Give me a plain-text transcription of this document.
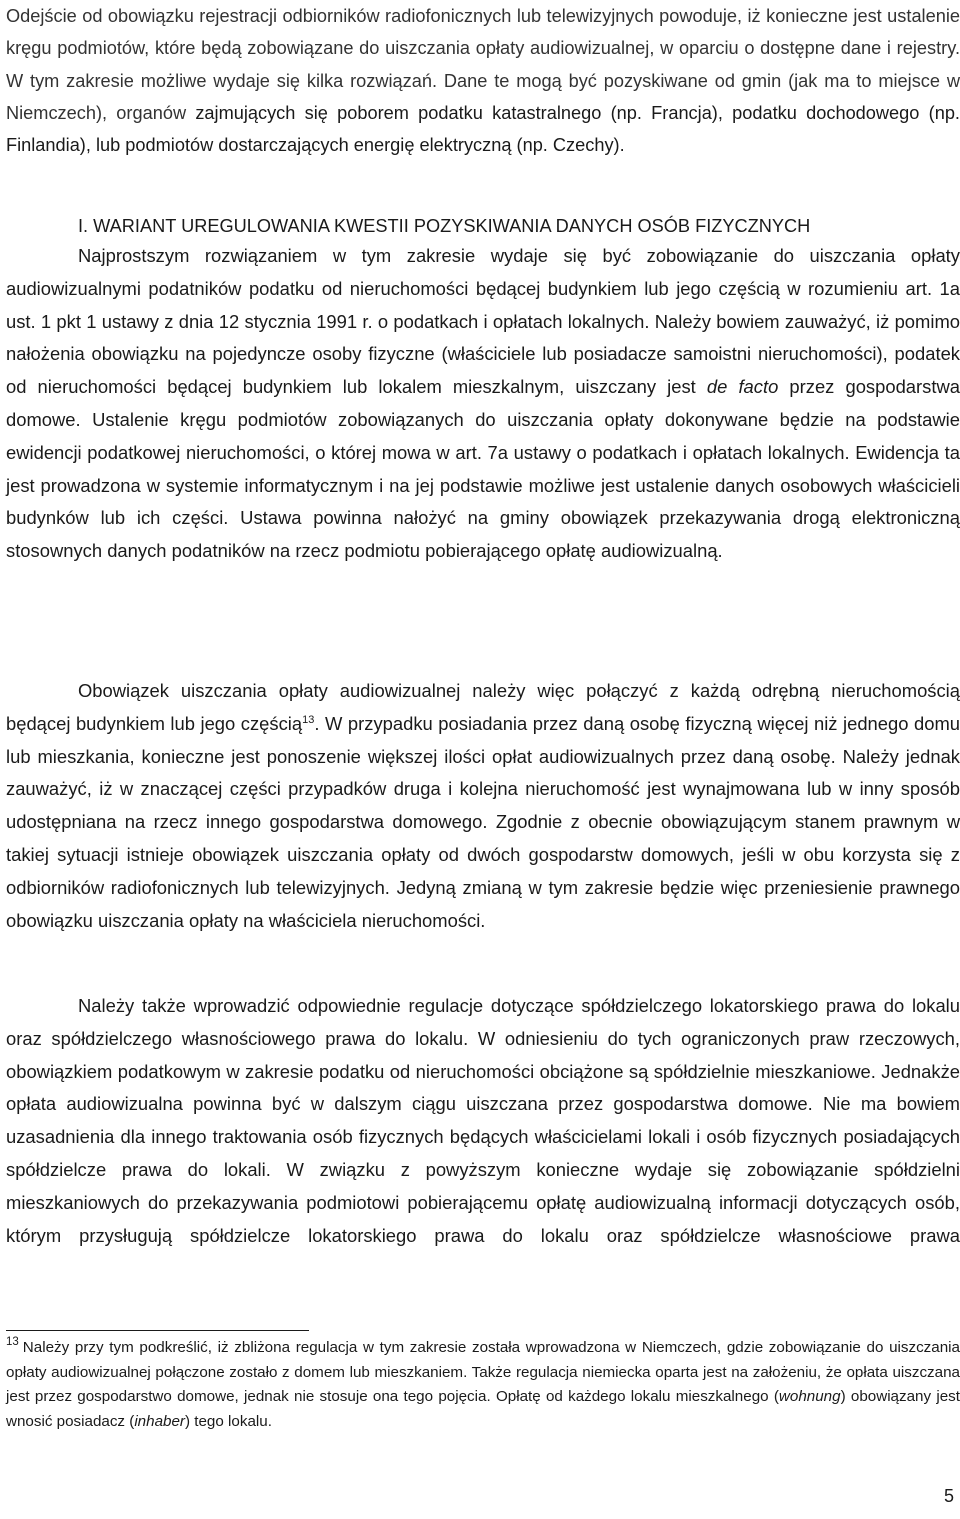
Odejście od obowiązku rejestracji odbiorników radiofonicznych lub telewizyjnych powoduje, iż konieczne jest ustalenie kręgu podmiotów, które będą zobowiązane do uiszczania opłaty audiowizualnej, w oparciu o dostępne dane i rejestry. W tym zakresie możliwe wydaje się kilka rozwiązań. Dane te mogą być pozyskiwane od gmin (jak ma to miejsce w Niemczech), organów zajmujących się poborem podatku katastralnego (np. Francja), podatku dochodowego (np. Finlandia), lub podmiotów dostarczających energię elektryczną (np. Czechy).

I. WARIANT UREGULOWANIA KWESTII POZYSKIWANIA DANYCH OSÓB FIZYCZNYCH

Najprostszym rozwiązaniem w tym zakresie wydaje się być zobowiązanie do uiszczania opłaty audiowizualnymi podatników podatku od nieruchomości będącej budynkiem lub jego częścią w rozumieniu art. 1a ust. 1 pkt 1 ustawy z dnia 12 stycznia 1991 r. o podatkach i opłatach lokalnych. Należy bowiem zauważyć, iż pomimo nałożenia obowiązku na pojedyncze osoby fizyczne (właściciele lub posiadacze samoistni nieruchomości), podatek od nieruchomości będącej budynkiem lub lokalem mieszkalnym, uiszczany jest de facto przez gospodarstwa domowe. Ustalenie kręgu podmiotów zobowiązanych do uiszczania opłaty dokonywane będzie na podstawie ewidencji podatkowej nieruchomości, o której mowa w art. 7a ustawy o podatkach i opłatach lokalnych. Ewidencja ta jest prowadzona w systemie informatycznym i na jej podstawie możliwe jest ustalenie danych osobowych właścicieli budynków lub ich części. Ustawa powinna nałożyć na gminy obowiązek przekazywania drogą elektroniczną stosownych danych podatników na rzecz podmiotu pobierającego opłatę audiowizualną.

Obowiązek uiszczania opłaty audiowizualnej należy więc połączyć z każdą odrębną nieruchomością będącej budynkiem lub jego częścią$^{13}$. W przypadku posiadania przez daną osobę fizyczną więcej niż jednego domu lub mieszkania, konieczne jest ponoszenie większej ilości opłat audiowizualnych przez daną osobę. Należy jednak zauważyć, iż w znaczącej części przypadków druga i kolejna nieruchomość jest wynajmowana lub w inny sposób udostępniana na rzecz innego gospodarstwa domowego. Zgodnie z obecnie obowiązującym stanem prawnym w takiej sytuacji istnieje obowiązek uiszczania opłaty od dwóch gospodarstw domowych, jeśli w obu korzysta się z odbiorników radiofonicznych lub telewizyjnych. Jedyną zmianą w tym zakresie będzie więc przeniesienie prawnego obowiązku uiszczania opłaty na właściciela nieruchomości.

Należy także wprowadzić odpowiednie regulacje dotyczące spółdzielczego lokatorskiego prawa do lokalu oraz spółdzielczego własnościowego prawa do lokalu. W odniesieniu do tych ograniczonych praw rzeczowych, obowiązkiem podatkowym w zakresie podatku od nieruchomości obciążone są spółdzielnie mieszkaniowe. Jednakże opłata audiowizualna powinna być w dalszym ciągu uiszczana przez gospodarstwa domowe. Nie ma bowiem uzasadnienia dla innego traktowania osób fizycznych będących właścicielami lokali i osób fizycznych posiadających spółdzielcze prawa do lokali. W związku z powyższym konieczne wydaje się zobowiązanie spółdzielni mieszkaniowych do przekazywania podmiotowi pobierającemu opłatę audiowizualną informacji dotyczących osób, którym przysługują spółdzielcze lokatorskiego prawa do lokalu oraz spółdzielcze własnościowe prawa

$^{13}$ Należy przy tym podkreślić, iż zbliżona regulacja w tym zakresie została wprowadzona w Niemczech, gdzie zobowiązanie do uiszczania opłaty audiowizualnej połączone zostało z domem lub mieszkaniem. Także regulacja niemiecka oparta jest na założeniu, że opłata uiszczana jest przez gospodarstwo domowe, jednak nie stosuje ona tego pojęcia. Opłatę od każdego lokalu mieszkalnego (wohnung) obowiązany jest wnosić posiadacz (inhaber) tego lokalu.

5
